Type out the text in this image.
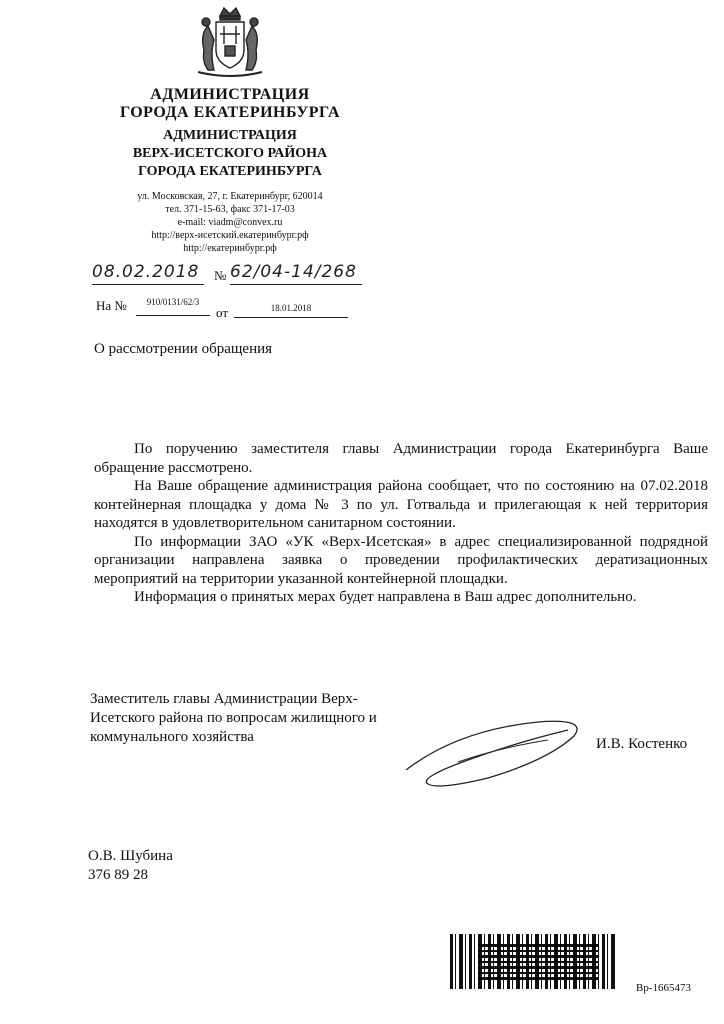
АДМИНИСТРАЦИЯ
ГОРОДА ЕКАТЕРИНБУРГА
АДМИНИСТРАЦИЯ
ВЕРХ-ИСЕТСКОГО РАЙОНА
ГОРОДА ЕКАТЕРИНБУРГА
ул. Московская, 27, г. Екатеринбург, 620014
тел. 371-15-63, факс 371-17-03
e-mail: viadm@convex.ru
http://верх-исетский.екатеринбург.рф
http://екатеринбург.рф
08.02.2018	№ 62/04-14/268
На №	910/0131/62/3
от	18.01.2018
О рассмотрении обращения

По поручению заместителя главы Администрации города Екатеринбурга Ваше обращение рассмотрено.

На Ваше обращение администрация района сообщает, что по состоянию на 07.02.2018 контейнерная площадка у дома № 3 по ул. Готвальда и прилегающая к ней территория находятся в удовлетворительном санитарном состоянии.

По информации ЗАО «УК «Верх-Исетская» в адрес специализированной подрядной организации направлена заявка о проведении профилактических дератизационных мероприятий на территории указанной контейнерной площадки.

Информация о принятых мерах будет направлена в Ваш адрес дополнительно.

Заместитель главы Администрации Верх-
Исетского района по вопросам жилищного и
коммунального хозяйства	И.В. Костенко
О.В. Шубина
376 89 28
Вр-1665473
